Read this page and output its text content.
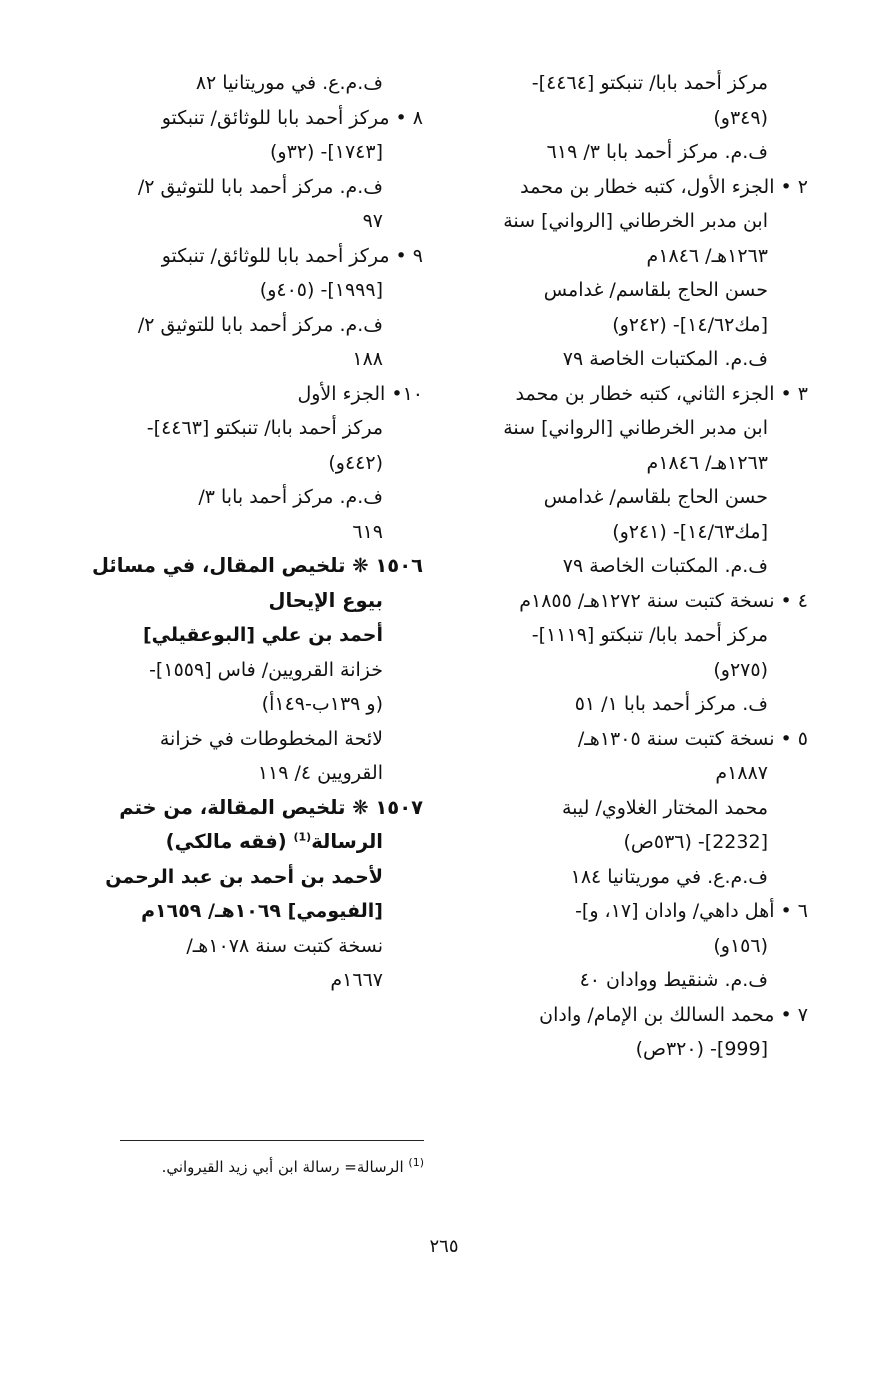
مركز أحمد بابا/ تنبكتو [٤٤٦٤]-
(٣٤٩و)
ف.م. مركز أحمد بابا ٣/ ٦١٩
٢ • الجزء الأول، كتبه خطار بن محمد
ابن مدبر الخرطاني [الرواني] سنة
١٢٦٣هـ/ ١٨٤٦م
حسن الحاج بلقاسم/ غدامس
[مك١٤/٦٢]- (٢٤٢و)
ف.م. المكتبات الخاصة ٧٩
٣ • الجزء الثاني، كتبه خطار بن محمد
ابن مدبر الخرطاني [الرواني] سنة
١٢٦٣هـ/ ١٨٤٦م
حسن الحاج بلقاسم/ غدامس
[مك١٤/٦٣]- (٢٤١و)
ف.م. المكتبات الخاصة ٧٩
٤ • نسخة كتبت سنة ١٢٧٢هـ/ ١٨٥٥م
مركز أحمد بابا/ تنبكتو [١١١٩]-
(٢٧٥و)
ف. مركز أحمد بابا ١/ ٥١
٥ • نسخة كتبت سنة ١٣٠٥هـ/
١٨٨٧م
محمد المختار الغلاوي/ ليبة
[2232]- (٥٣٦ص)
ف.م.ع. في موريتانيا ١٨٤
٦ • أهل داهي/ وادان [١٧، و]-
(١٥٦و)
ف.م. شنقيط ووادان ٤٠
٧ • محمد السالك بن الإمام/ وادان
[999]- (٣٢٠ص)
ف.م.ع. في موريتانيا ٨٢
٨ • مركز أحمد بابا للوثائق/ تنبكتو
[١٧٤٣]- (٣٢و)
ف.م. مركز أحمد بابا للتوثيق ٢/
٩٧
٩ • مركز أحمد بابا للوثائق/ تنبكتو
[١٩٩٩]- (٤٠٥و)
ف.م. مركز أحمد بابا للتوثيق ٢/
١٨٨
١٠• الجزء الأول
مركز أحمد بابا/ تنبكتو [٤٤٦٣]-
(٤٤٢و)
ف.م. مركز أحمد بابا ٣/
٦١٩
١٥٠٦ ❋ تلخيص المقال، في مسائل
بيوع الإيحال
أحمد بن علي [البوعقيلي]
خزانة القرويين/ فاس [١٥٥٩]-
(و ١٣٩ب-١٤٩أ)
لائحة المخطوطات في خزانة
القرويين ٤/ ١١٩
١٥٠٧ ❋ تلخيص المقالة، من ختم
الرسالة$^{(1)}$ (فقه مالكي)
لأحمد بن أحمد بن عبد الرحمن
[الفيومي] ١٠٦٩هـ/ ١٦٥٩م
نسخة كتبت سنة ١٠٧٨هـ/
١٦٦٧م
$^{(1)}$ الرسالة= رسالة ابن أبي زيد القيرواني.
٢٦٥
